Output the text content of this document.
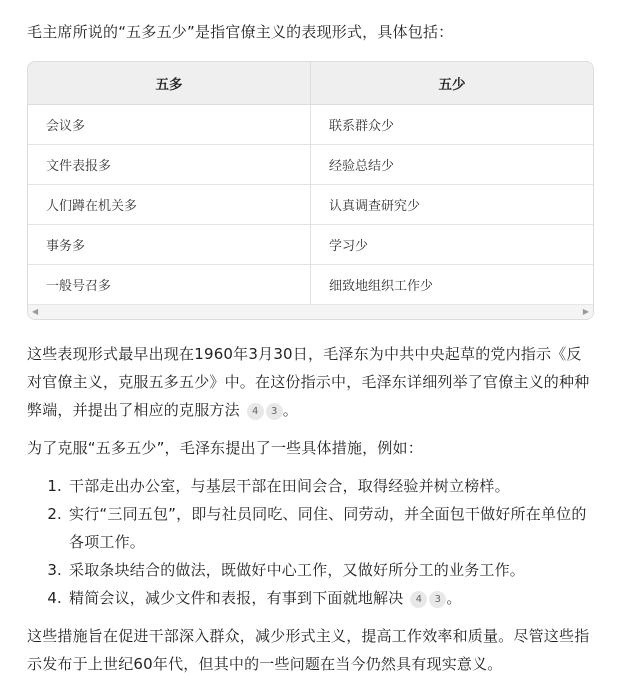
毛主席所说的“五多五少”是指官僚主义的表现形式，具体包括：

五多	五少
会议多	联系群众少
文件表报多	经验总结少
人们蹲在机关多	认真调查研究少
事务多	学习少
一般号召多	细致地组织工作少
◀	▶

这些表现形式最早出现在1960年3月30日，毛泽东为中共中央起草的党内指示《反对官僚主义，克服五多五少》中。在这份指示中，毛泽东详细列举了官僚主义的种种弊端，并提出了相应的克服方法 4 3 。

为了克服“五多五少”，毛泽东提出了一些具体措施，例如：

1. 干部走出办公室，与基层干部在田间会合，取得经验并树立榜样。
2. 实行“三同五包”，即与社员同吃、同住、同劳动，并全面包干做好所在单位的各项工作。
3. 采取条块结合的做法，既做好中心工作，又做好所分工的业务工作。
4. 精简会议，减少文件和表报，有事到下面就地解决 4 3 。

这些措施旨在促进干部深入群众，减少形式主义，提高工作效率和质量。尽管这些指示发布于上世纪60年代，但其中的一些问题在当今仍然具有现实意义。
